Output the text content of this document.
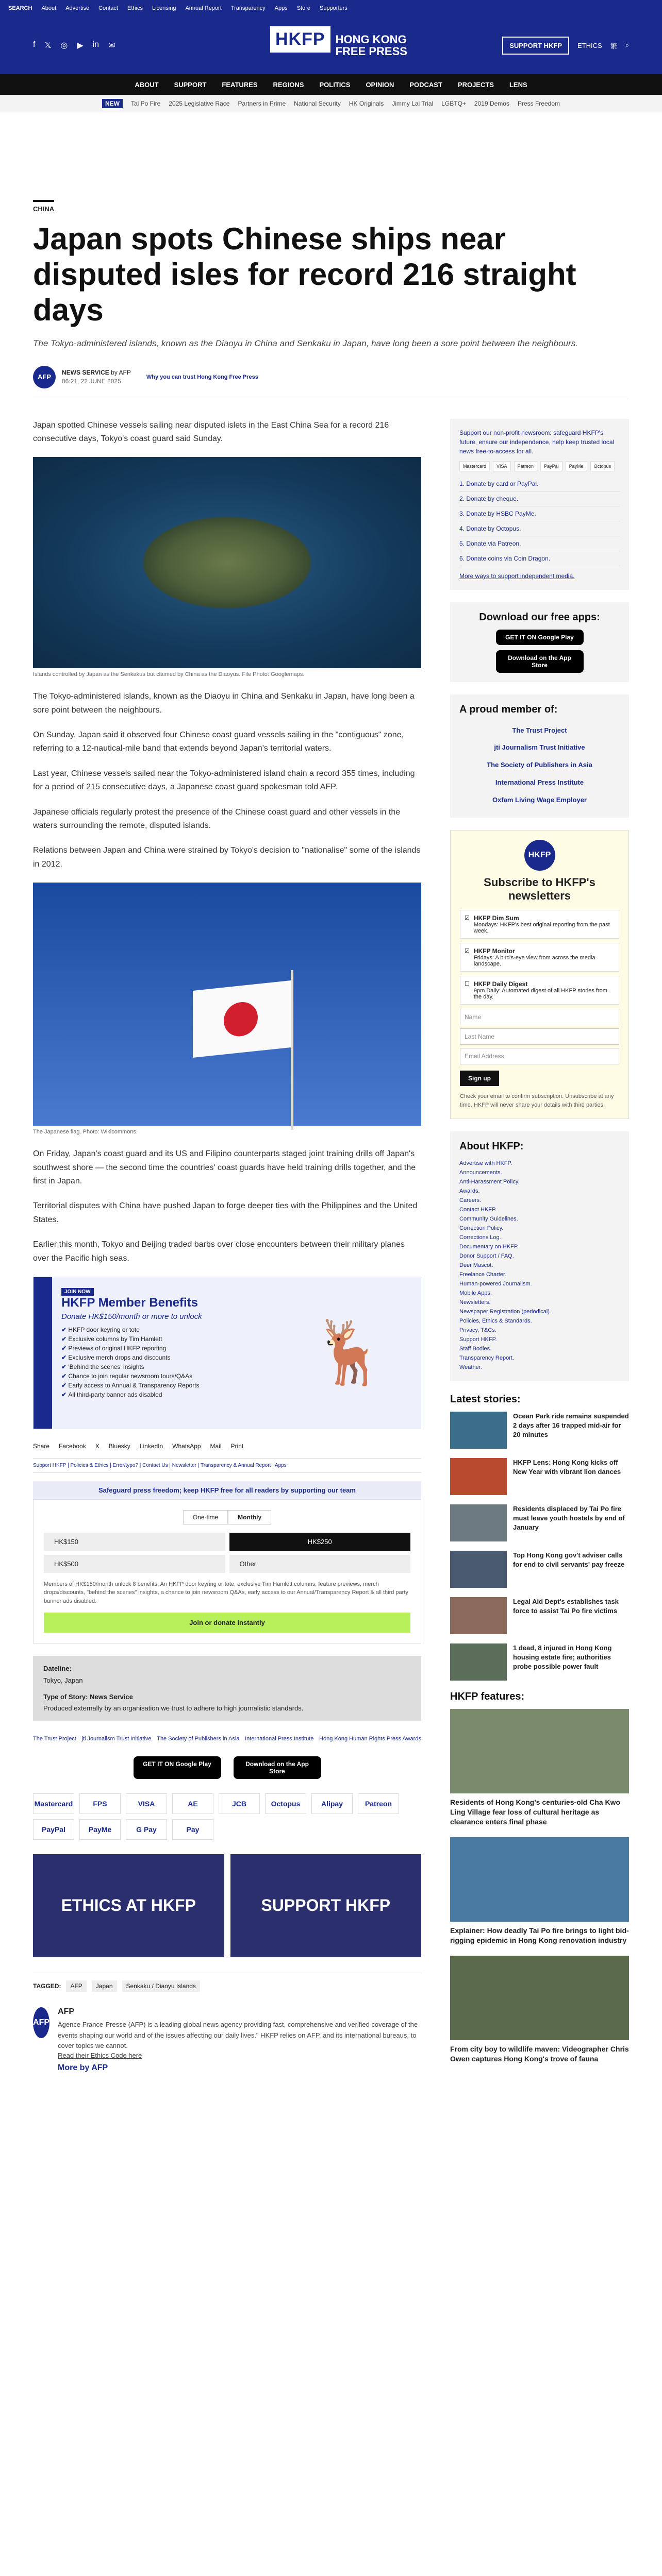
SEARCH About Advertise Contact Ethics Licensing Annual Report Transparency Apps Store Supporters
f 𝕏 ◎ ▶ in ✉	HKFP HONG KONG
FREE PRESS	SUPPORT HKFP	ETHICS 繁 ⌕
ABOUT SUPPORT FEATURES REGIONS POLITICS OPINION PODCAST PROJECTS LENS
NEW	Tai Po Fire 2025 Legislative Race Partners in Prime National Security HK Originals Jimmy Lai Trial LGBTQ+ 2019 Demos Press Freedom
CHINA
Japan spots Chinese ships near disputed isles for record 216 straight days

The Tokyo-administered islands, known as the Diaoyu in China and Senkaku in Japan, have long been a sore point between the neighbours.

AFP
NEWS SERVICE by AFP
06:21, 22 JUNE 2025
Why you can trust Hong Kong Free Press

Japan spotted Chinese vessels sailing near disputed islets in the East China Sea for a record 216 consecutive days, Tokyo's coast guard said Sunday.

Islands controlled by Japan as the Senkakus but claimed by China as the Diaoyus. File Photo: Googlemaps.

The Tokyo-administered islands, known as the Diaoyu in China and Senkaku in Japan, have long been a sore point between the neighbours.

On Sunday, Japan said it observed four Chinese coast guard vessels sailing in the "contiguous" zone, referring to a 12-nautical-mile band that extends beyond Japan's territorial waters.

Last year, Chinese vessels sailed near the Tokyo-administered island chain a record 355 times, including for a period of 215 consecutive days, a Japanese coast guard spokesman told AFP.

Japanese officials regularly protest the presence of the Chinese coast guard and other vessels in the waters surrounding the remote, disputed islands.

Relations between Japan and China were strained by Tokyo's decision to "nationalise" some of the islands in 2012.

The Japanese flag. Photo: Wikicommons.

On Friday, Japan's coast guard and its US and Filipino counterparts staged joint training drills off Japan's southwest shore — the second time the countries' coast guards have held training drills together, and the first in Japan.

Territorial disputes with China have pushed Japan to forge deeper ties with the Philippines and the United States.

Earlier this month, Tokyo and Beijing traded barbs over close encounters between their military planes over the Pacific high seas.

JOIN NOW
HKFP Member Benefits
Donate HK$150/month or more to unlock
✔ HKFP door keyring or tote
✔ Exclusive columns by Tim Hamlett
✔ Previews of original HKFP reporting
✔ Exclusive merch drops and discounts
✔ 'Behind the scenes' insights
✔ Chance to join regular newsroom tours/Q&As
✔ Early access to Annual & Transparency Reports
✔ All third-party banner ads disabled
🦌
Share Facebook X Bluesky LinkedIn WhatsApp Mail Print
Support HKFP | Policies & Ethics | Error/typo? | Contact Us | Newsletter | Transparency & Annual Report | Apps
Safeguard press freedom; keep HKFP free for all readers by supporting our team
One-time	Monthly
HK$150	HK$250
HK$500	Other
Members of HK$150/month unlock 8 benefits: An HKFP door keyring or tote, exclusive Tim Hamlett columns, feature previews, merch drops/discounts, "behind the scenes" insights, a chance to join newsroom Q&As, early access to our Annual/Transparency Report & all third party banner ads disabled.
Join or donate instantly
Dateline:
Tokyo, Japan
Type of Story: News Service
Produced externally by an organisation we trust to adhere to high journalistic standards.
The Trust Project jti Journalism Trust Initiative The Society of Publishers in Asia International Press Institute Hong Kong Human Rights Press Awards
GET IT ON Google Play	Download on the App Store
Mastercard	FPS	VISA	AE	JCB	Octopus	Alipay	Patreon
PayPal	PayMe	G Pay	Pay
ETHICS AT HKFP	SUPPORT HKFP
TAGGED:	AFP	Japan	Senkaku / Diaoyu Islands
AFP
AFP
Agence France-Presse (AFP) is a leading global news agency providing fast, comprehensive and verified coverage of the events shaping our world and of the issues affecting our daily lives." HKFP relies on AFP, and its international bureaus, to cover topics we cannot.
Read their Ethics Code here
More by AFP
Support our non-profit newsroom: safeguard HKFP's future, ensure our independence, help keep trusted local news free-to-access for all.
Mastercard	VISA	Patreon	PayPal	PayMe	Octopus
1. Donate by card or PayPal.
2. Donate by cheque.
3. Donate by HSBC PayMe.
4. Donate by Octopus.
5. Donate via Patreon.
6. Donate coins via Coin Dragon.
More ways to support independent media.
Download our free apps:
GET IT ON Google Play
Download on the App Store
A proud member of:
The Trust Project
jti Journalism Trust Initiative
The Society of Publishers in Asia
International Press Institute
Oxfam Living Wage Employer
HKFP
Subscribe to HKFP's newsletters
☑ HKFP Dim Sum
Mondays: HKFP's best original reporting from the past week.
☑ HKFP Monitor
Fridays: A bird's-eye view from across the media landscape.
☐ HKFP Daily Digest
9pm Daily: Automated digest of all HKFP stories from the day.
Name
Last Name
Email Address
Sign up
Check your email to confirm subscription. Unsubscribe at any time. HKFP will never share your details with third parties.
About HKFP:
Advertise with HKFP.
Announcements.
Anti-Harassment Policy.
Awards.
Careers.
Contact HKFP.
Community Guidelines.
Correction Policy.
Corrections Log.
Documentary on HKFP.
Donor Support / FAQ.
Deer Mascot.
Freelance Charter.
Human-powered Journalism.
Mobile Apps.
Newsletters.
Newspaper Registration (periodical).
Policies, Ethics & Standards.
Privacy, T&Cs.
Support HKFP.
Staff Bodies.
Transparency Report.
Weather.
Latest stories:
Ocean Park ride remains suspended 2 days after 16 trapped mid-air for 20 minutes
HKFP Lens: Hong Kong kicks off New Year with vibrant lion dances
Residents displaced by Tai Po fire must leave youth hostels by end of January
Top Hong Kong gov't adviser calls for end to civil servants' pay freeze
Legal Aid Dept's establishes task force to assist Tai Po fire victims
1 dead, 8 injured in Hong Kong housing estate fire; authorities probe possible power fault
HKFP features:
Residents of Hong Kong's centuries-old Cha Kwo Ling Village fear loss of cultural heritage as clearance enters final phase
Explainer: How deadly Tai Po fire brings to light bid-rigging epidemic in Hong Kong renovation industry
From city boy to wildlife maven: Videographer Chris Owen captures Hong Kong's trove of fauna
